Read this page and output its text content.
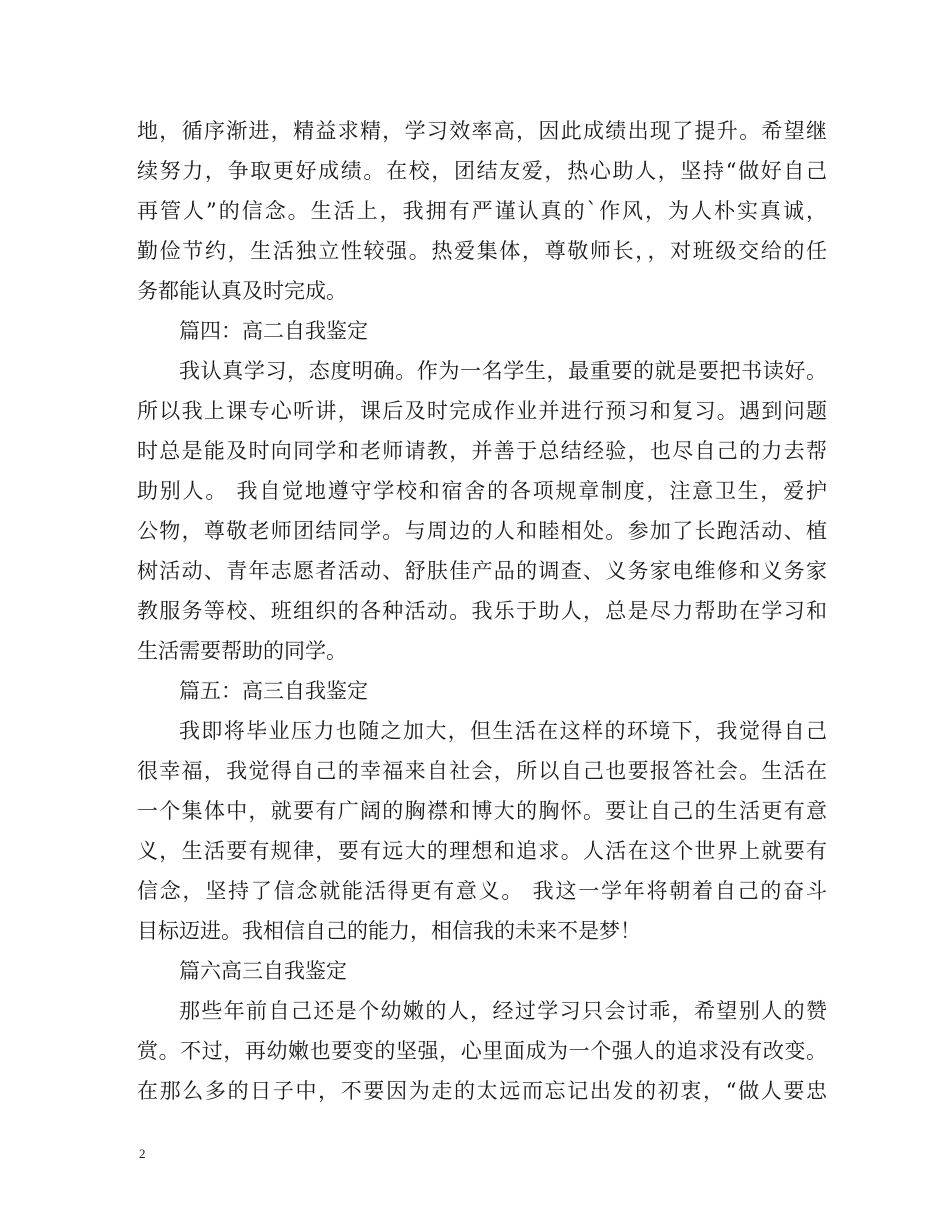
地，循序渐进，精益求精，学习效率高，因此成绩出现了提升。希望继
续努力，争取更好成绩。在校，团结友爱，热心助人，坚持“做好自己
再管人”的信念。生活上，我拥有严谨认真的`作风，为人朴实真诚，
勤俭节约，生活独立性较强。热爱集体，尊敬师长，，对班级交给的任
务都能认真及时完成。
篇四：高二自我鉴定
我认真学习，态度明确。作为一名学生，最重要的就是要把书读好。
所以我上课专心听讲，课后及时完成作业并进行预习和复习。遇到问题
时总是能及时向同学和老师请教，并善于总结经验，也尽自己的力去帮
助别人。 我自觉地遵守学校和宿舍的各项规章制度，注意卫生，爱护
公物，尊敬老师团结同学。与周边的人和睦相处。参加了长跑活动、植
树活动、青年志愿者活动、舒肤佳产品的调查、义务家电维修和义务家
教服务等校、班组织的各种活动。我乐于助人，总是尽力帮助在学习和
生活需要帮助的同学。
篇五：高三自我鉴定
我即将毕业压力也随之加大，但生活在这样的环境下，我觉得自己
很幸福，我觉得自己的幸福来自社会，所以自己也要报答社会。生活在
一个集体中，就要有广阔的胸襟和博大的胸怀。要让自己的生活更有意
义，生活要有规律，要有远大的理想和追求。人活在这个世界上就要有
信念，坚持了信念就能活得更有意义。 我这一学年将朝着自己的奋斗
目标迈进。我相信自己的能力，相信我的未来不是梦！
篇六高三自我鉴定
那些年前自己还是个幼嫩的人，经过学习只会讨乖，希望别人的赞
赏。不过，再幼嫩也要变的坚强，心里面成为一个强人的追求没有改变。
在那么多的日子中，不要因为走的太远而忘记出发的初衷，“做人要忠
2
